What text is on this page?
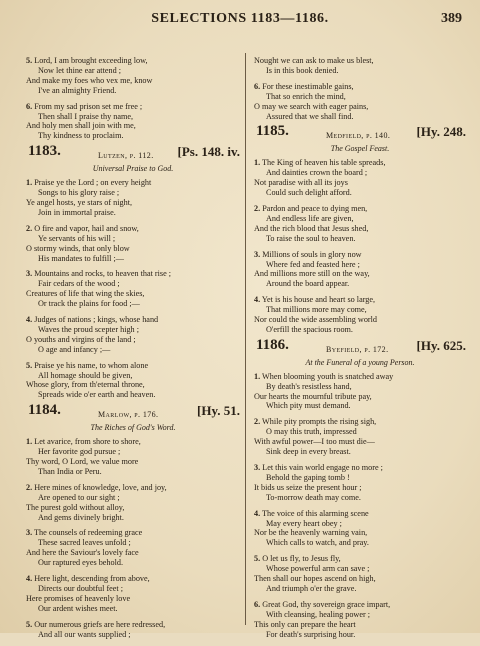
SELECTIONS 1183—1186.	389
5. Lord, I am brought exceeding low,
Now let thine ear attend ;
And make my foes who vex me, know
I've an almighty Friend.
6. From my sad prison set me free ;
Then shall I praise thy name,
And holy men shall join with me,
Thy kindness to proclaim.
1183.	Lutzen, p. 112. [Ps. 148. iv.
Universal Praise to God.
1. Praise ye the Lord ; on every height
Songs to his glory raise ;
Ye angel hosts, ye stars of night,
Join in immortal praise.
2. O fire and vapor, hail and snow,
Ye servants of his will ;
O stormy winds, that only blow
His mandates to fulfill ;—
3. Mountains and rocks, to heaven that rise ;
Fair cedars of the wood ;
Creatures of life that wing the skies,
Or track the plains for food ;—
4. Judges of nations ; kings, whose hand
Waves the proud scepter high ;
O youths and virgins of the land ;
O age and infancy ;—
5. Praise ye his name, to whom alone
All homage should be given,
Whose glory, from th'eternal throne,
Spreads wide o'er earth and heaven.
1184.	Marlow, p. 176.	[Hy. 51.
The Riches of God's Word.
1. Let avarice, from shore to shore,
Her favorite god pursue ;
Thy word, O Lord, we value more
Than India or Peru.
2. Here mines of knowledge, love, and joy,
Are opened to our sight ;
The purest gold without alloy,
And gems divinely bright.
3. The counsels of redeeming grace
These sacred leaves unfold ;
And here the Saviour's lovely face
Our raptured eyes behold.
4. Here light, descending from above,
Directs our doubtful feet ;
Here promises of heavenly love
Our ardent wishes meet.
5. Our numerous griefs are here redressed,
And all our wants supplied ;
Nought we can ask to make us blest,
Is in this book denied.
6. For these inestimable gains,
That so enrich the mind,
O may we search with eager pains,
Assured that we shall find.
1185.	Medfield, p. 140. [Hy. 248.
The Gospel Feast.
1. The King of heaven his table spreads,
And dainties crown the board ;
Not paradise with all its joys
Could such delight afford.
2. Pardon and peace to dying men,
And endless life are given,
And the rich blood that Jesus shed,
To raise the soul to heaven.
3. Millions of souls in glory now
Where fed and feasted here ;
And millions more still on the way,
Around the board appear.
4. Yet is his house and heart so large,
That millions more may come,
Nor could the wide assembling world
O'erfill the spacious room.
1186.	Byefield, p. 172. [Hy. 625.
At the Funeral of a young Person.
1. When blooming youth is snatched away
By death's resistless hand,
Our hearts the mournful tribute pay,
Which pity must demand.
2. While pity prompts the rising sigh,
O may this truth, impressed
With awful power—I too must die—
Sink deep in every breast.
3. Let this vain world engage no more ;
Behold the gaping tomb !
It bids us seize the present hour ;
To-morrow death may come.
4. The voice of this alarming scene
May every heart obey ;
Nor be the heavenly warning vain,
Which calls to watch, and pray.
5. O let us fly, to Jesus fly,
Whose powerful arm can save ;
Then shall our hopes ascend on high,
And triumph o'er the grave.
6. Great God, thy sovereign grace impart,
With cleansing, healing power ;
This only can prepare the heart
For death's surprising hour.
